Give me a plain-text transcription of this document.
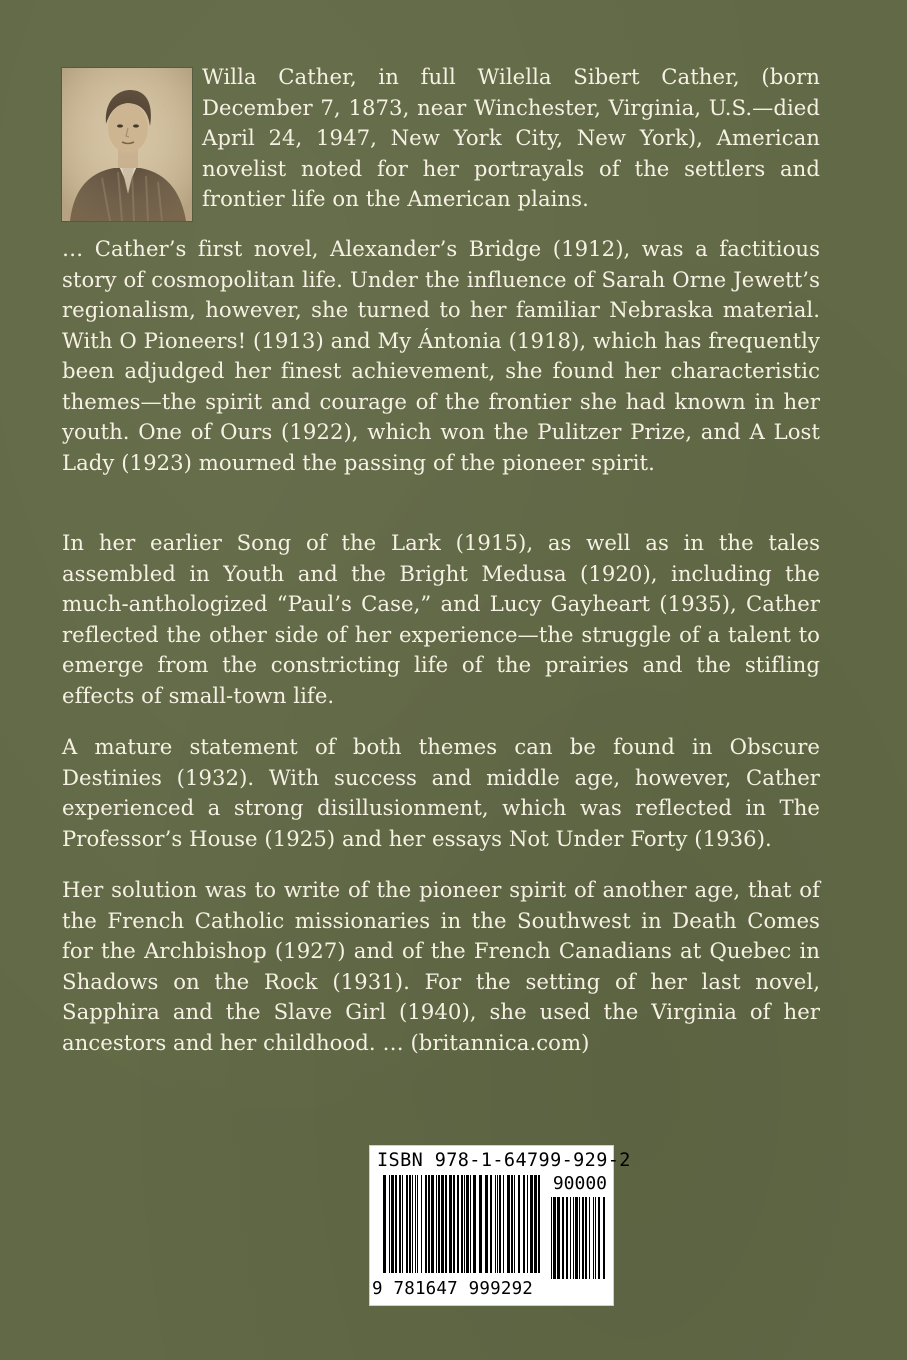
Willa Cather, in full Wilella Sibert Cather, (born December 7, 1873, near Winchester, Virginia, U.S.—died April 24, 1947, New York City, New York), American novelist noted for her portrayals of the settlers and frontier life on the American plains.
… Cather’s first novel, Alexander’s Bridge (1912), was a factitious story of cosmopolitan life. Under the influence of Sarah Orne Jewett’s regionalism, however, she turned to her familiar Nebraska material. With O Pioneers! (1913) and My Ántonia (1918), which has frequently been adjudged her finest achievement, she found her characteristic themes—the spirit and courage of the frontier she had known in her youth. One of Ours (1922), which won the Pulitzer Prize, and A Lost Lady (1923) mourned the passing of the pioneer spirit.
In her earlier Song of the Lark (1915), as well as in the tales assembled in Youth and the Bright Medusa (1920), including the much-anthologized “Paul’s Case,” and Lucy Gayheart (1935), Cather reflected the other side of her experience—the struggle of a talent to emerge from the constricting life of the prairies and the stifling effects of small-town life.
A mature statement of both themes can be found in Obscure Destinies (1932). With success and middle age, however, Cather experienced a strong disillusionment, which was reflected in The Professor’s House (1925) and her essays Not Under Forty (1936).
Her solution was to write of the pioneer spirit of another age, that of the French Catholic missionaries in the Southwest in Death Comes for the Archbishop (1927) and of the French Canadians at Quebec in Shadows on the Rock (1931). For the setting of her last novel, Sapphira and the Slave Girl (1940), she used the Virginia of her ancestors and her childhood. … (britannica.com)
ISBN 978-1-64799-929-2
90000
9 781647 999292
